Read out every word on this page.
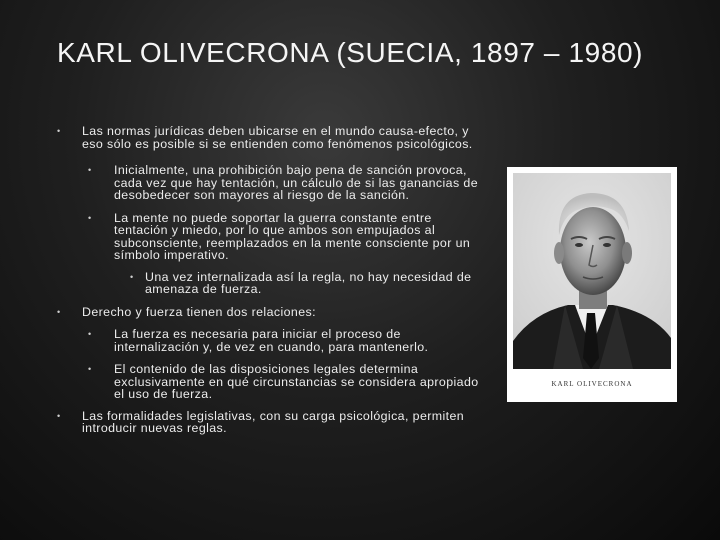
KARL OLIVECRONA (SUECIA, 1897 – 1980)
• Las normas jurídicas deben ubicarse en el mundo causa-efecto, y eso sólo es posible si se entienden como fenómenos psicológicos.
• Inicialmente, una prohibición bajo pena de sanción provoca, cada vez que hay tentación, un cálculo de si las ganancias de desobedecer son mayores al riesgo de la sanción.
• La mente no puede soportar la guerra constante entre tentación y miedo, por lo que ambos son empujados al subconsciente, reemplazados en la mente consciente por un símbolo imperativo.
• Una vez internalizada así la regla, no hay necesidad de amenaza de fuerza.
• Derecho y fuerza tienen dos relaciones:
• La fuerza es necesaria para iniciar el proceso de internalización y, de vez en cuando, para mantenerlo.
• El contenido de las disposiciones legales determina exclusivamente en qué circunstancias se considera apropiado el uso de fuerza.
• Las formalidades legislativas, con su carga psicológica, permiten introducir nuevas reglas.
KARL OLIVECRONA
